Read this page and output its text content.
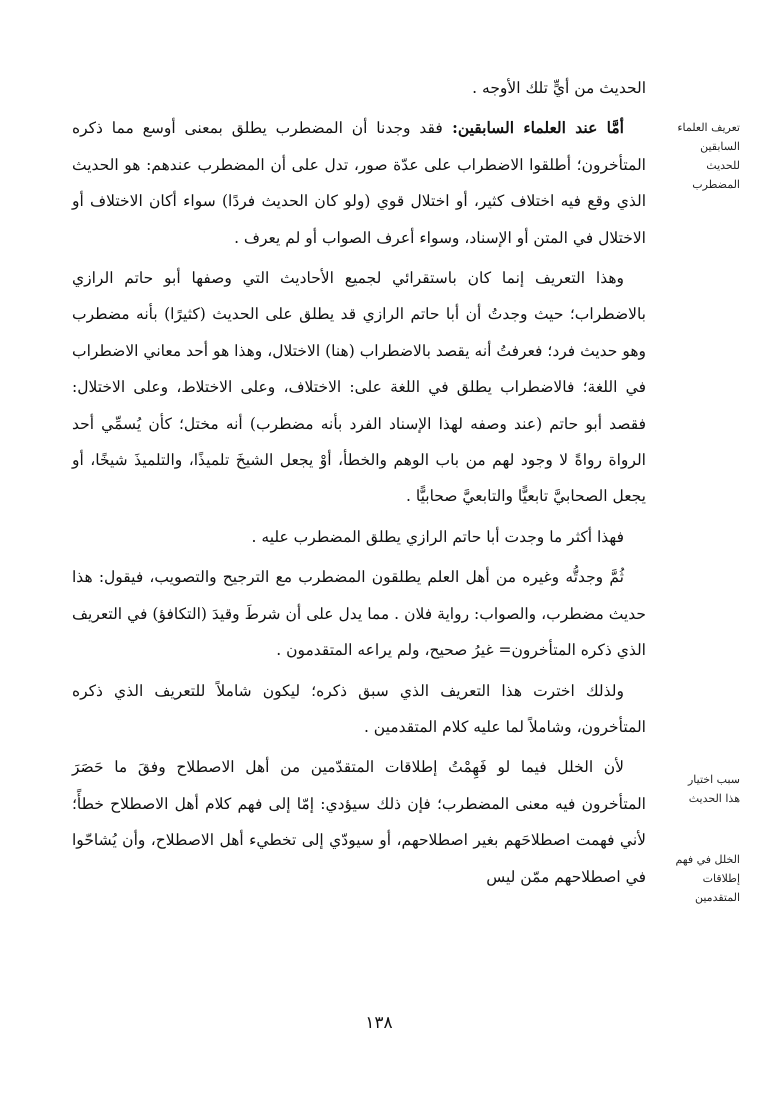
الحديث من أيٍّ تلك الأوجه .

أمَّا عند العلماء السابقين: فقد وجدنا أن المضطرب يطلق بمعنى أوسع مما ذكره المتأخرون؛ أطلقوا الاضطراب على عدّة صور، تدل على أن المضطرب عندهم: هو الحديث الذي وقع فيه اختلاف كثير، أو اختلال قوي (ولو كان الحديث فردًا) سواء أكان الاختلاف أو الاختلال في المتن أو الإسناد، وسواء أعرف الصواب أو لم يعرف .

وهذا التعريف إنما كان باستقرائي لجميع الأحاديث التي وصفها أبو حاتم الرازي بالاضطراب؛ حيث وجدتُ أن أبا حاتم الرازي قد يطلق على الحديث (كثيرًا) بأنه مضطرب وهو حديث فرد؛ فعرفتُ أنه يقصد بالاضطراب (هنا) الاختلال، وهذا هو أحد معاني الاضطراب في اللغة؛ فالاضطراب يطلق في اللغة على: الاختلاف، وعلى الاختلاط، وعلى الاختلال: فقصد أبو حاتم (عند وصفه لهذا الإسناد الفرد بأنه مضطرب) أنه مختل؛ كأن يُسمِّي أحد الرواة رواةً لا وجود لهم من باب الوهم والخطأ، أوْ يجعل الشيخَ تلميذًا، والتلميذَ شيخًا، أو يجعل الصحابيَّ تابعيًّا والتابعيَّ صحابيًّا .

فهذا أكثر ما وجدت أبا حاتم الرازي يطلق المضطرب عليه .

ثُمَّ وجدتُّه وغيره من أهل العلم يطلقون المضطرب مع الترجيح والتصويب، فيقول: هذا حديث مضطرب، والصواب: رواية فلان . مما يدل على أن شرطَ وقيدَ (التكافؤ) في التعريف الذي ذكره المتأخرون= غيرُ صحيح، ولم يراعه المتقدمون .

ولذلك اخترت هذا التعريف الذي سبق ذكره؛ ليكون شاملاً للتعريف الذي ذكره المتأخرون، وشاملاً لما عليه كلام المتقدمين .

لأن الخلل فيما لو فَهِمْتُ إطلاقات المتقدّمين من أهل الاصطلاح وفقَ ما حَصَرَ المتأخرون فيه معنى المضطرب؛ فإن ذلك سيؤدي: إمّا إلى فهم كلام أهل الاصطلاح خطأً؛ لأني فهمت اصطلاحَهم بغير اصطلاحهم، أو سيودّي إلى تخطيء أهل الاصطلاح، وأن يُشاحّوا في اصطلاحهم ممّن ليس

تعريف العلماء السابقين للحديث المضطرب
سبب اختيار هذا الحديث
الخلل في فهم إطلاقات المتقدمين
١٣٨
